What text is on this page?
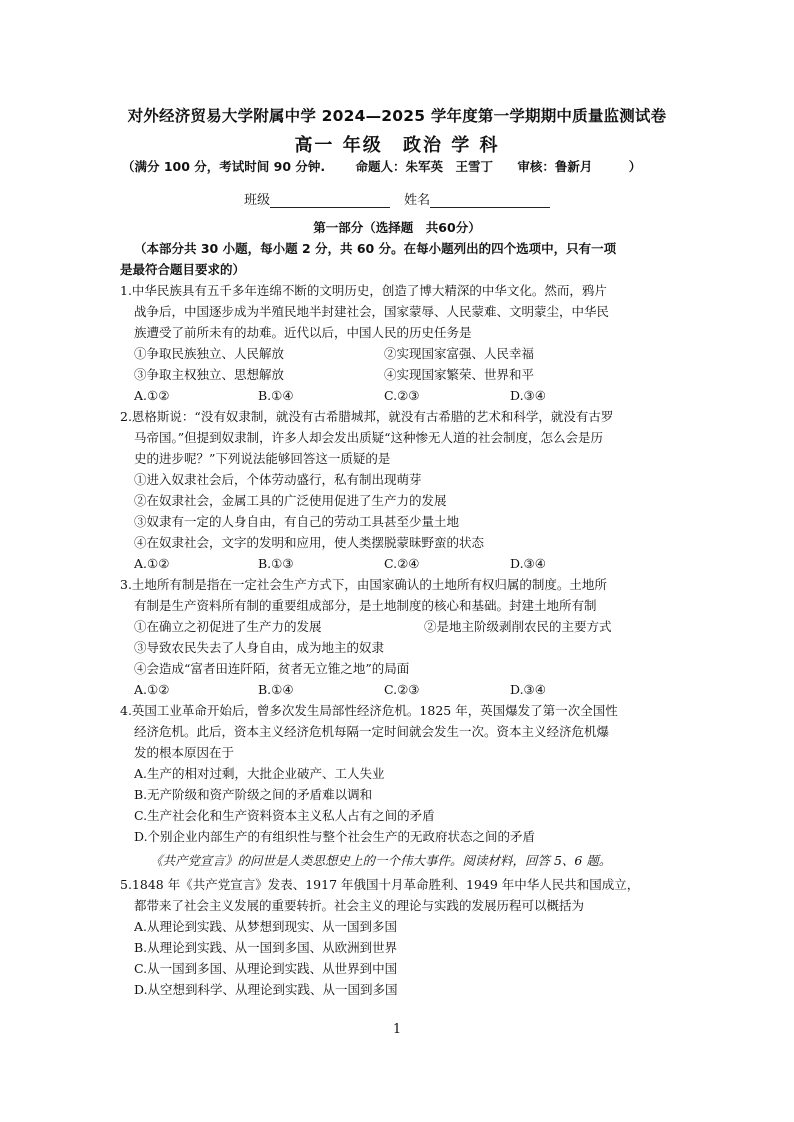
对外经济贸易大学附属中学 2024—2025 学年度第一学期期中质量监测试卷
高一 年级 政治 学 科
（满分 100 分，考试时间 90 分钟. 命题人：朱军英　王雪丁 审核：鲁新月	）
班级	姓名
第一部分（选择题　共60分）
（本部分共 30 小题，每小题 2 分，共 60 分。在每小题列出的四个选项中，只有一项
是最符合题目要求的）
1.中华民族具有五千多年连绵不断的文明历史，创造了博大精深的中华文化。然而，鸦片
战争后，中国逐步成为半殖民地半封建社会，国家蒙辱、人民蒙难、文明蒙尘，中华民
族遭受了前所未有的劫难。近代以后，中国人民的历史任务是
①争取民族独立、人民解放	②实现国家富强、人民幸福
③争取主权独立、思想解放	④实现国家繁荣、世界和平
A.①②	B.①④	C.②③	D.③④
2.恩格斯说：“没有奴隶制，就没有古希腊城邦，就没有古希腊的艺术和科学，就没有古罗
马帝国。”但提到奴隶制，许多人却会发出质疑“这种惨无人道的社会制度，怎么会是历
史的进步呢？”下列说法能够回答这一质疑的是
①进入奴隶社会后，个体劳动盛行，私有制出现萌芽
②在奴隶社会，金属工具的广泛使用促进了生产力的发展
③奴隶有一定的人身自由，有自己的劳动工具甚至少量土地
④在奴隶社会，文字的发明和应用，使人类摆脱蒙昧野蛮的状态
A.①②	B.①③	C.②④	D.③④
3.土地所有制是指在一定社会生产方式下，由国家确认的土地所有权归属的制度。土地所
有制是生产资料所有制的重要组成部分，是土地制度的核心和基础。封建土地所有制
①在确立之初促进了生产力的发展	②是地主阶级剥削农民的主要方式
③导致农民失去了人身自由，成为地主的奴隶
④会造成“富者田连阡陌，贫者无立锥之地”的局面
A.①②	B.①④	C.②③	D.③④
4.英国工业革命开始后，曾多次发生局部性经济危机。1825 年，英国爆发了第一次全国性
经济危机。此后，资本主义经济危机每隔一定时间就会发生一次。资本主义经济危机爆
发的根本原因在于
A.生产的相对过剩，大批企业破产、工人失业
B.无产阶级和资产阶级之间的矛盾难以调和
C.生产社会化和生产资料资本主义私人占有之间的矛盾
D.个别企业内部生产的有组织性与整个社会生产的无政府状态之间的矛盾
《共产党宣言》的问世是人类思想史上的一个伟大事件。阅读材料，回答 5、6 题。
5.1848 年《共产党宣言》发表、1917 年俄国十月革命胜利、1949 年中华人民共和国成立，
都带来了社会主义发展的重要转折。社会主义的理论与实践的发展历程可以概括为
A.从理论到实践、从梦想到现实、从一国到多国
B.从理论到实践、从一国到多国、从欧洲到世界
C.从一国到多国、从理论到实践、从世界到中国
D.从空想到科学、从理论到实践、从一国到多国
1
